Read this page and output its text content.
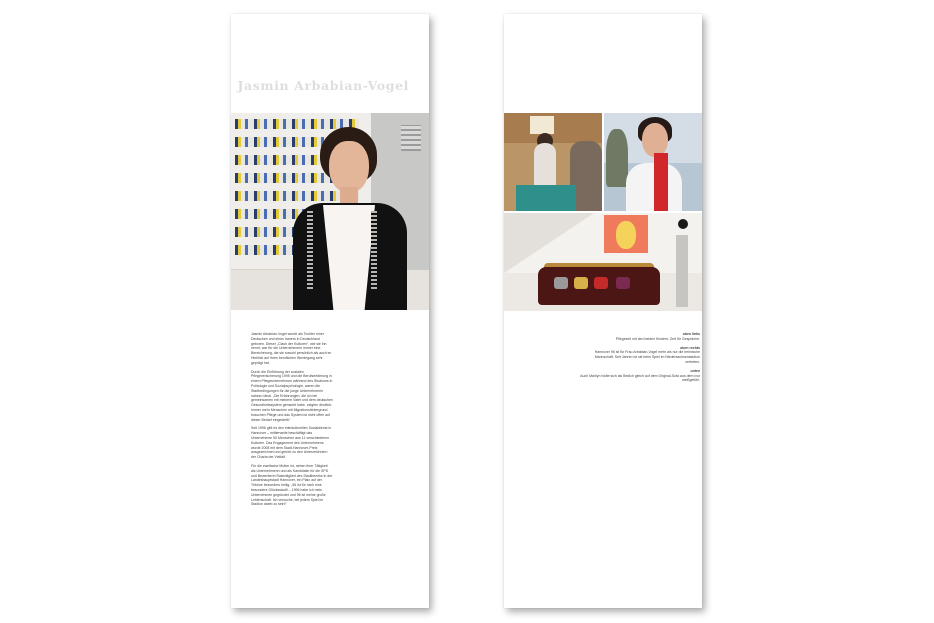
Jasmin Arbabian-Vogel

Jasmin Arbabian-Vogel wurde als Tochter einer Deutschen und eines Iraners in Deutschland geboren. Dieser „Clash der Kulturen“, wie sie ihn nennt, war für die Unternehmerin immer eine Bereicherung, die sie sowohl persönlich als auch im Hinblick auf ihren beruflichen Werdegang sehr geprägt hat.

Durch die Einführung der sozialen Pflegeversicherung 1995 und die Berufserfahrung in einem Pflegeunternehmen während des Studiums in Politologie und Sozialpsychologie, waren die Startbedingungen für die junge Unternehmerin nahezu ideal. „Die Erfahrungen, die ich bei gemeinsamen mit meinem Vater und dem deutschen Gesundheitssystem gemacht habe, zeigten deutlich: Immer mehr Menschen mit Migrationshintergrund brauchen Pflege und das System ist nicht offen auf dieser Bedarf eingestellt.“

Seit 1996 gibt es den interkulturellen Sozialdienst in Hannover – mittlerweile beschäftigt das Unternehmen 50 Menschen aus 11 verschiedenen Kulturen. Das Engagement des Unternehmens wurde 2008 mit dem Stadt-Hannover-Preis ausgezeichnet und gehört zu den Unterzeichnern der Charta der Vielfalt.

Für die zweifache Mutter ist, neben ihrer Tätigkeit als Unternehmerin und als Kandidatin für die SPD und Bewerberin Ratsmitglied des Stadtbezirks in der Landeshauptstadt Hannover, ein Platz auf der Tribüne besonders heilig. „96 ist für mich eine besondere Glücksstadt! – 1996 habe ich mein Unternehmen gegründet und 96 ist meine große Leidenschaft. Ich versuche, bei jedem Spiel im Stadion dabei zu sein!“

oben links
Pflegezeit mit den beiden Kindern: Zeit für Gespräche.
oben rechts
Hannover 96 ist für Frau Arbabian-Vogel mehr als nur die heimische Mannschaft. Seit Jahren ist sie beim Spiel im Niedersachsenstadion vertreten.
unten
Auch Marilyn Ivkite sich als Bedich gleich auf dem Original-Sofa aus dem ivor weißgefühl.
